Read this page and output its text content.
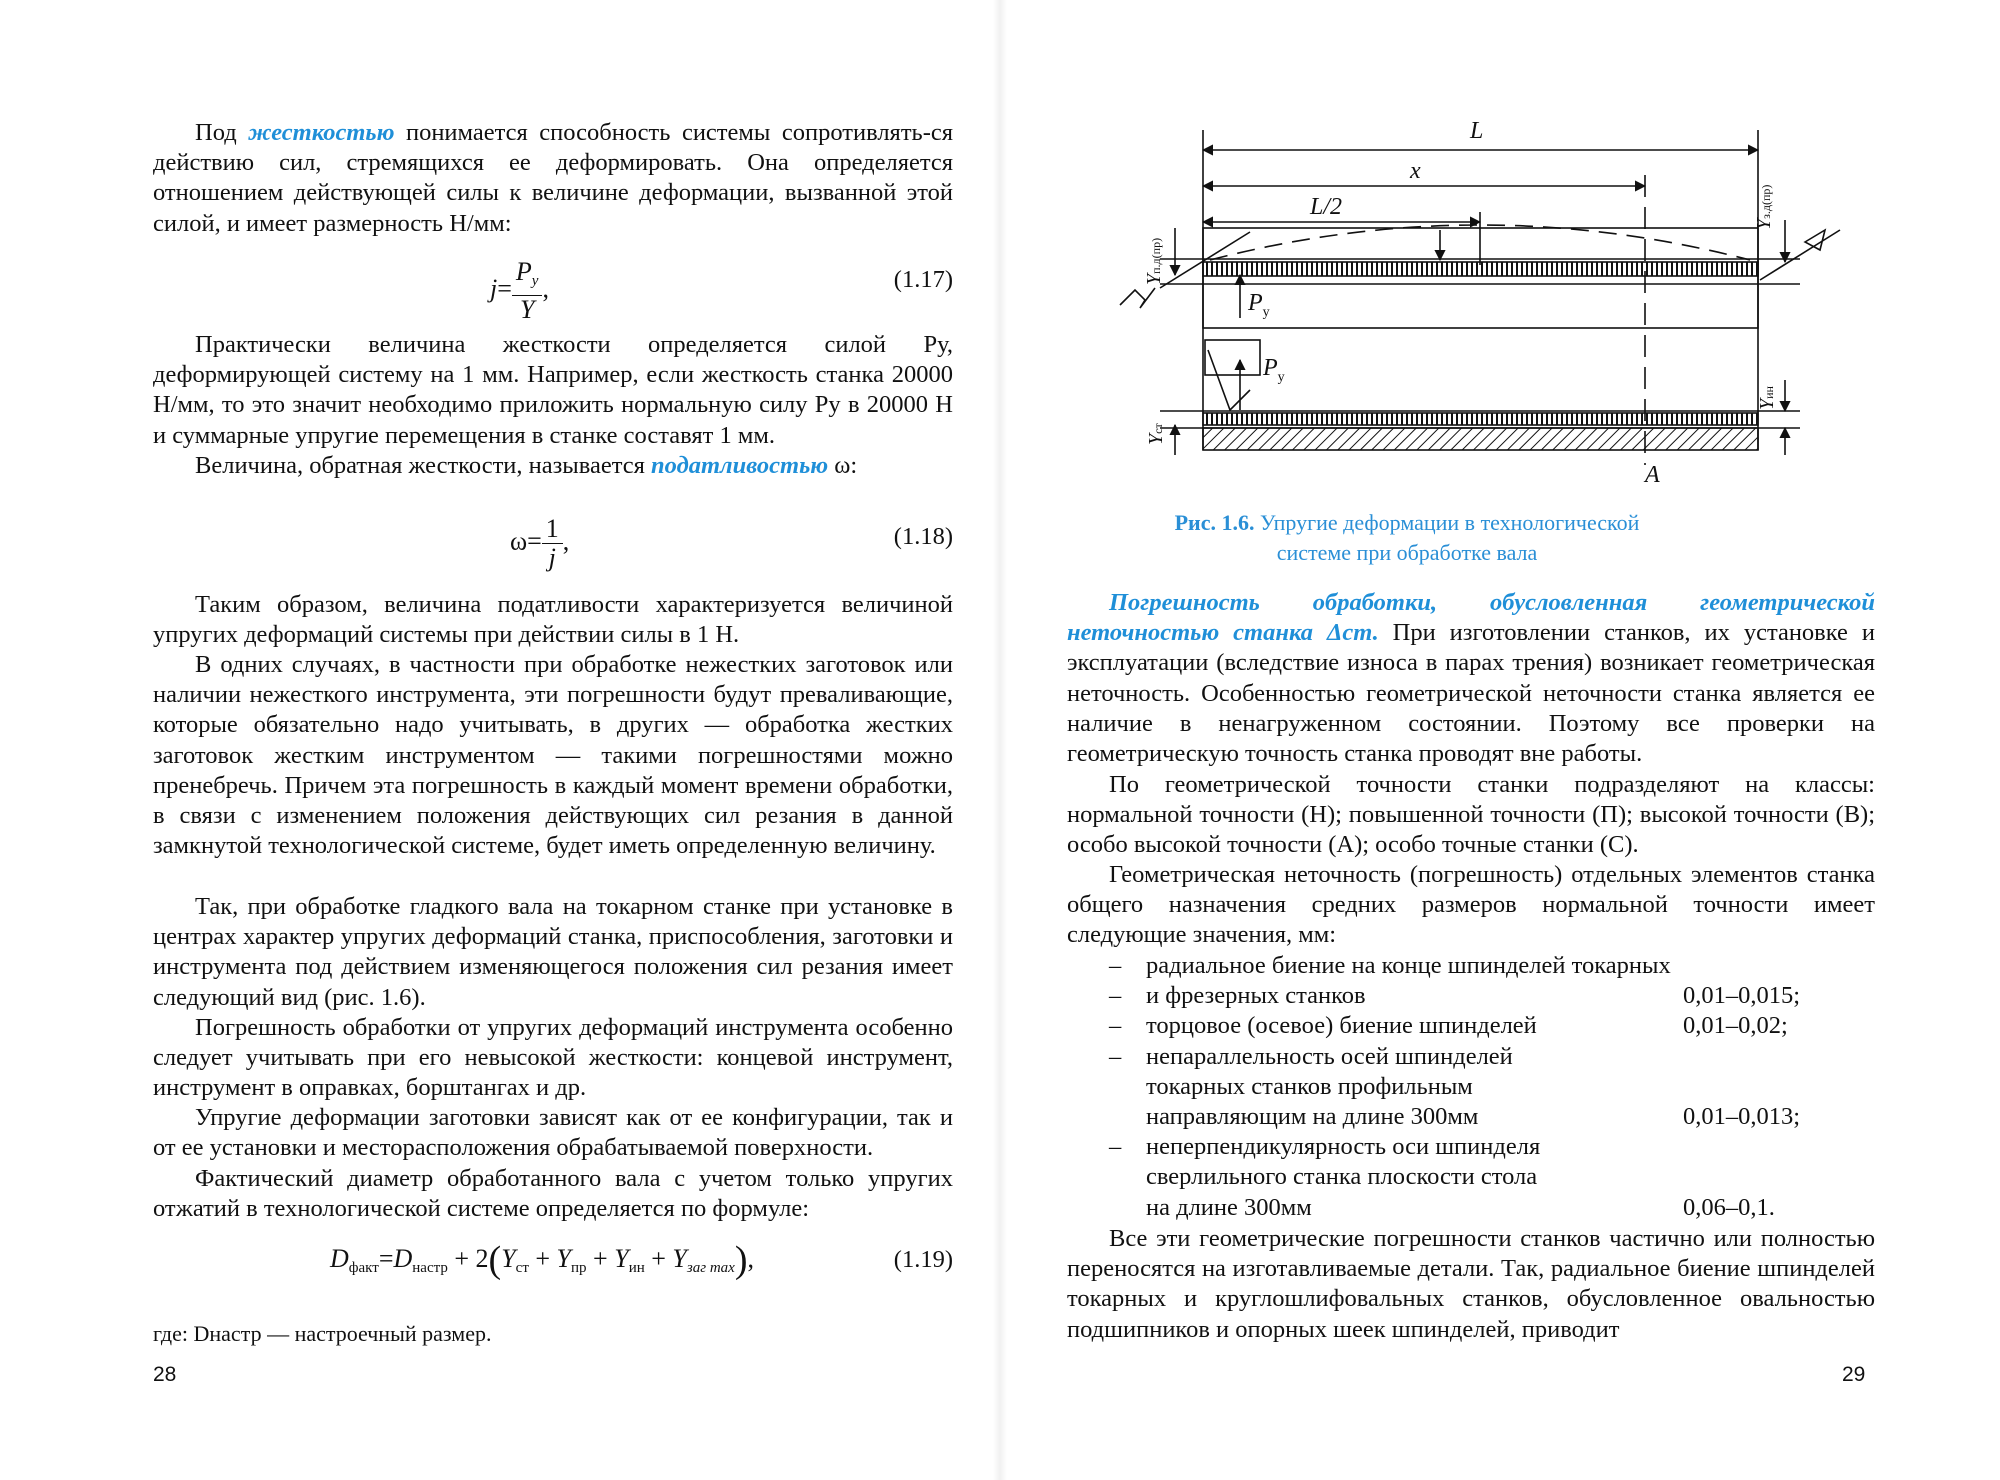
Под жесткостью понимается способность системы сопротивлять-ся действию сил, стремящихся ее деформировать. Она определяется отношением действующей силы к величине деформации, вызванной этой силой, и имеет размерность Н/мм:

$j= \frac{P_y}{Y}$ ,	(1.17)

Практически величина жесткости определяется силой Pу, деформирующей систему на 1 мм. Например, если жесткость станка 20000 Н/мм, то это значит необходимо приложить нормальную силу Pу в 20000 Н и суммарные упругие перемещения в станке составят 1 мм.

Величина, обратная жесткости, называется податливостью ω:

$\omega= \frac{1}{j}$ ,	(1.18)

Таким образом, величина податливости характеризуется величиной упругих деформаций системы при действии силы в 1 Н.

В одних случаях, в частности при обработке нежестких заготовок или наличии нежесткого инструмента, эти погрешности будут преваливающие, которые обязательно надо учитывать, в других — обработка жестких заготовок жестким инструментом — такими погрешностями можно пренебречь. Причем эта погрешность в каждый момент времени обработки, в связи с изменением положения действующих сил резания в данной замкнутой технологической системе, будет иметь определенную величину.

Так, при обработке гладкого вала на токарном станке при установке в центрах характер упругих деформаций станка, приспособления, заготовки и инструмента под действием изменяющегося положения сил резания имеет следующий вид (рис. 1.6).

Погрешность обработки от упругих деформаций инструмента особенно следует учитывать при его невысокой жесткости: концевой инструмент, инструмент в оправках, борштангах и др.

Упругие деформации заготовки зависят как от ее конфигурации, так и от ее установки и месторасположения обрабатываемой поверхности.

Фактический диаметр обработанного вала с учетом только упругих отжатий в технологической системе определяется по формуле:

$D_{факт}=D_{настр} + 2(Y_{ст} + Y_{пр} + Y_{ин} + Y_{заг max})$,	(1.19)

где: Dнастр — настроечный размер.

28
L
x
L/2
A
$P_y$
$P_y$
Yп.д(пр)
Yз.д(пр)
Yин
Yст
Рис. 1.6. Упругие деформации в технологической
системе при обработке вала

Погрешность обработки, обусловленная геометрической неточностью станка Δст. При изготовлении станков, их установке и эксплуатации (вследствие износа в парах трения) возникает геометрическая неточность. Особенностью геометрической неточности станка является ее наличие в ненагруженном состоянии. Поэтому все проверки на геометрическую точность станка проводят вне работы.

По геометрической точности станки подразделяют на классы: нормальной точности (Н); повышенной точности (П); высокой точности (В); особо высокой точности (А); особо точные станки (С).

Геометрическая неточность (погрешность) отдельных элементов станка общего назначения средних размеров нормальной точности имеет следующие значения, мм:

– радиальное биение на конце шпинделей токарных
– и фрезерных станков	0,01–0,015;
– торцовое (осевое) биение шпинделей	0,01–0,02;
– непараллельность осей шпинделей
токарных станков профильным
направляющим на длине 300мм	0,01–0,013;
– неперпендикулярность оси шпинделя
сверлильного станка плоскости стола
на длине 300мм	0,06–0,1.

Все эти геометрические погрешности станков частично или полностью переносятся на изготавливаемые детали. Так, радиальное биение шпинделей токарных и круглошлифовальных станков, обусловленное овальностью подшипников и опорных шеек шпинделей, приводит

29
